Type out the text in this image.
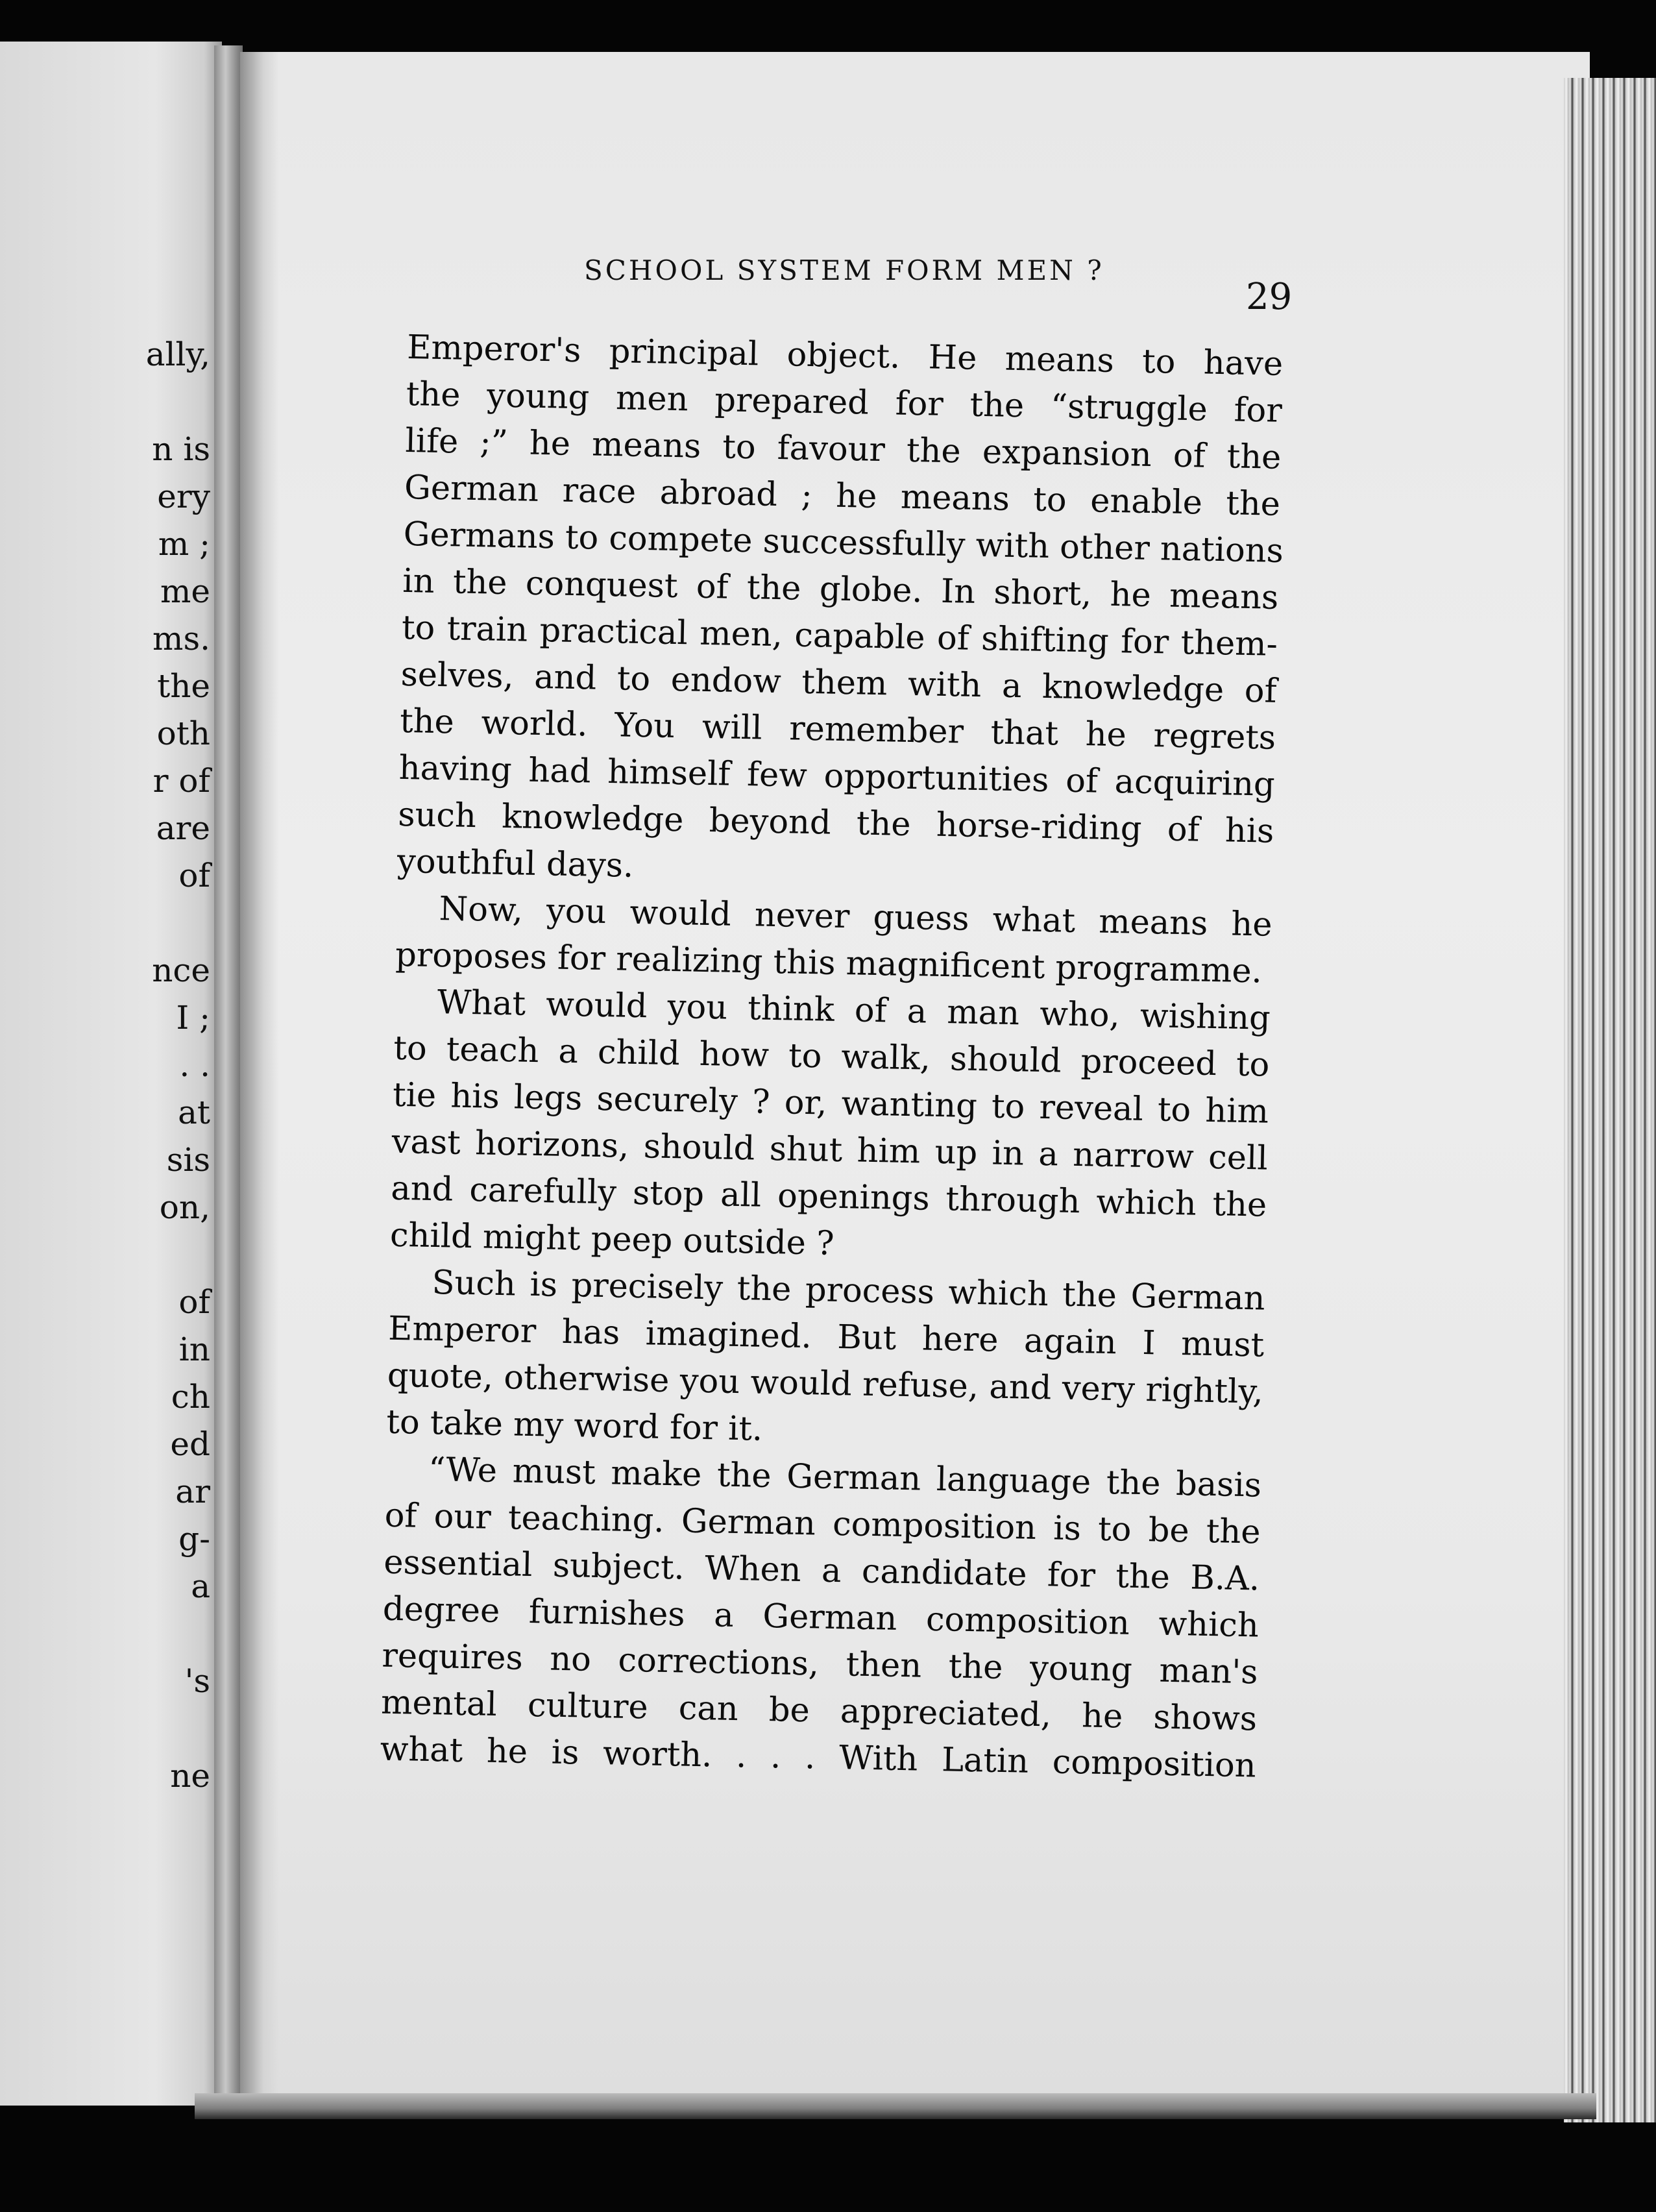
ally,
n is
ery
m ;
me
ms.
the
oth
r of
are
of
nce
I ;
. .
at
sis
on,
of
in
ch
ed
ar
g-
a
's
ne
SCHOOL SYSTEM FORM MEN ?
29
Emperor's principal object. He means to have
the young men prepared for the “struggle for
life ;” he means to favour the expansion of the
German race abroad ; he means to enable the
Germans to compete successfully with other nations
in the conquest of the globe. In short, he means
to train practical men, capable of shifting for them-
selves, and to endow them with a knowledge of
the world. You will remember that he regrets
having had himself few opportunities of acquiring
such knowledge beyond the horse-riding of his
youthful days.
Now, you would never guess what means he
proposes for realizing this magnificent programme.
What would you think of a man who, wishing
to teach a child how to walk, should proceed to
tie his legs securely ? or, wanting to reveal to him
vast horizons, should shut him up in a narrow cell
and carefully stop all openings through which the
child might peep outside ?
Such is precisely the process which the German
Emperor has imagined. But here again I must
quote, otherwise you would refuse, and very rightly,
to take my word for it.
“We must make the German language the basis
of our teaching. German composition is to be the
essential subject. When a candidate for the B.A.
degree furnishes a German composition which
requires no corrections, then the young man's
mental culture can be appreciated, he shows
what he is worth. . . . With Latin composition
